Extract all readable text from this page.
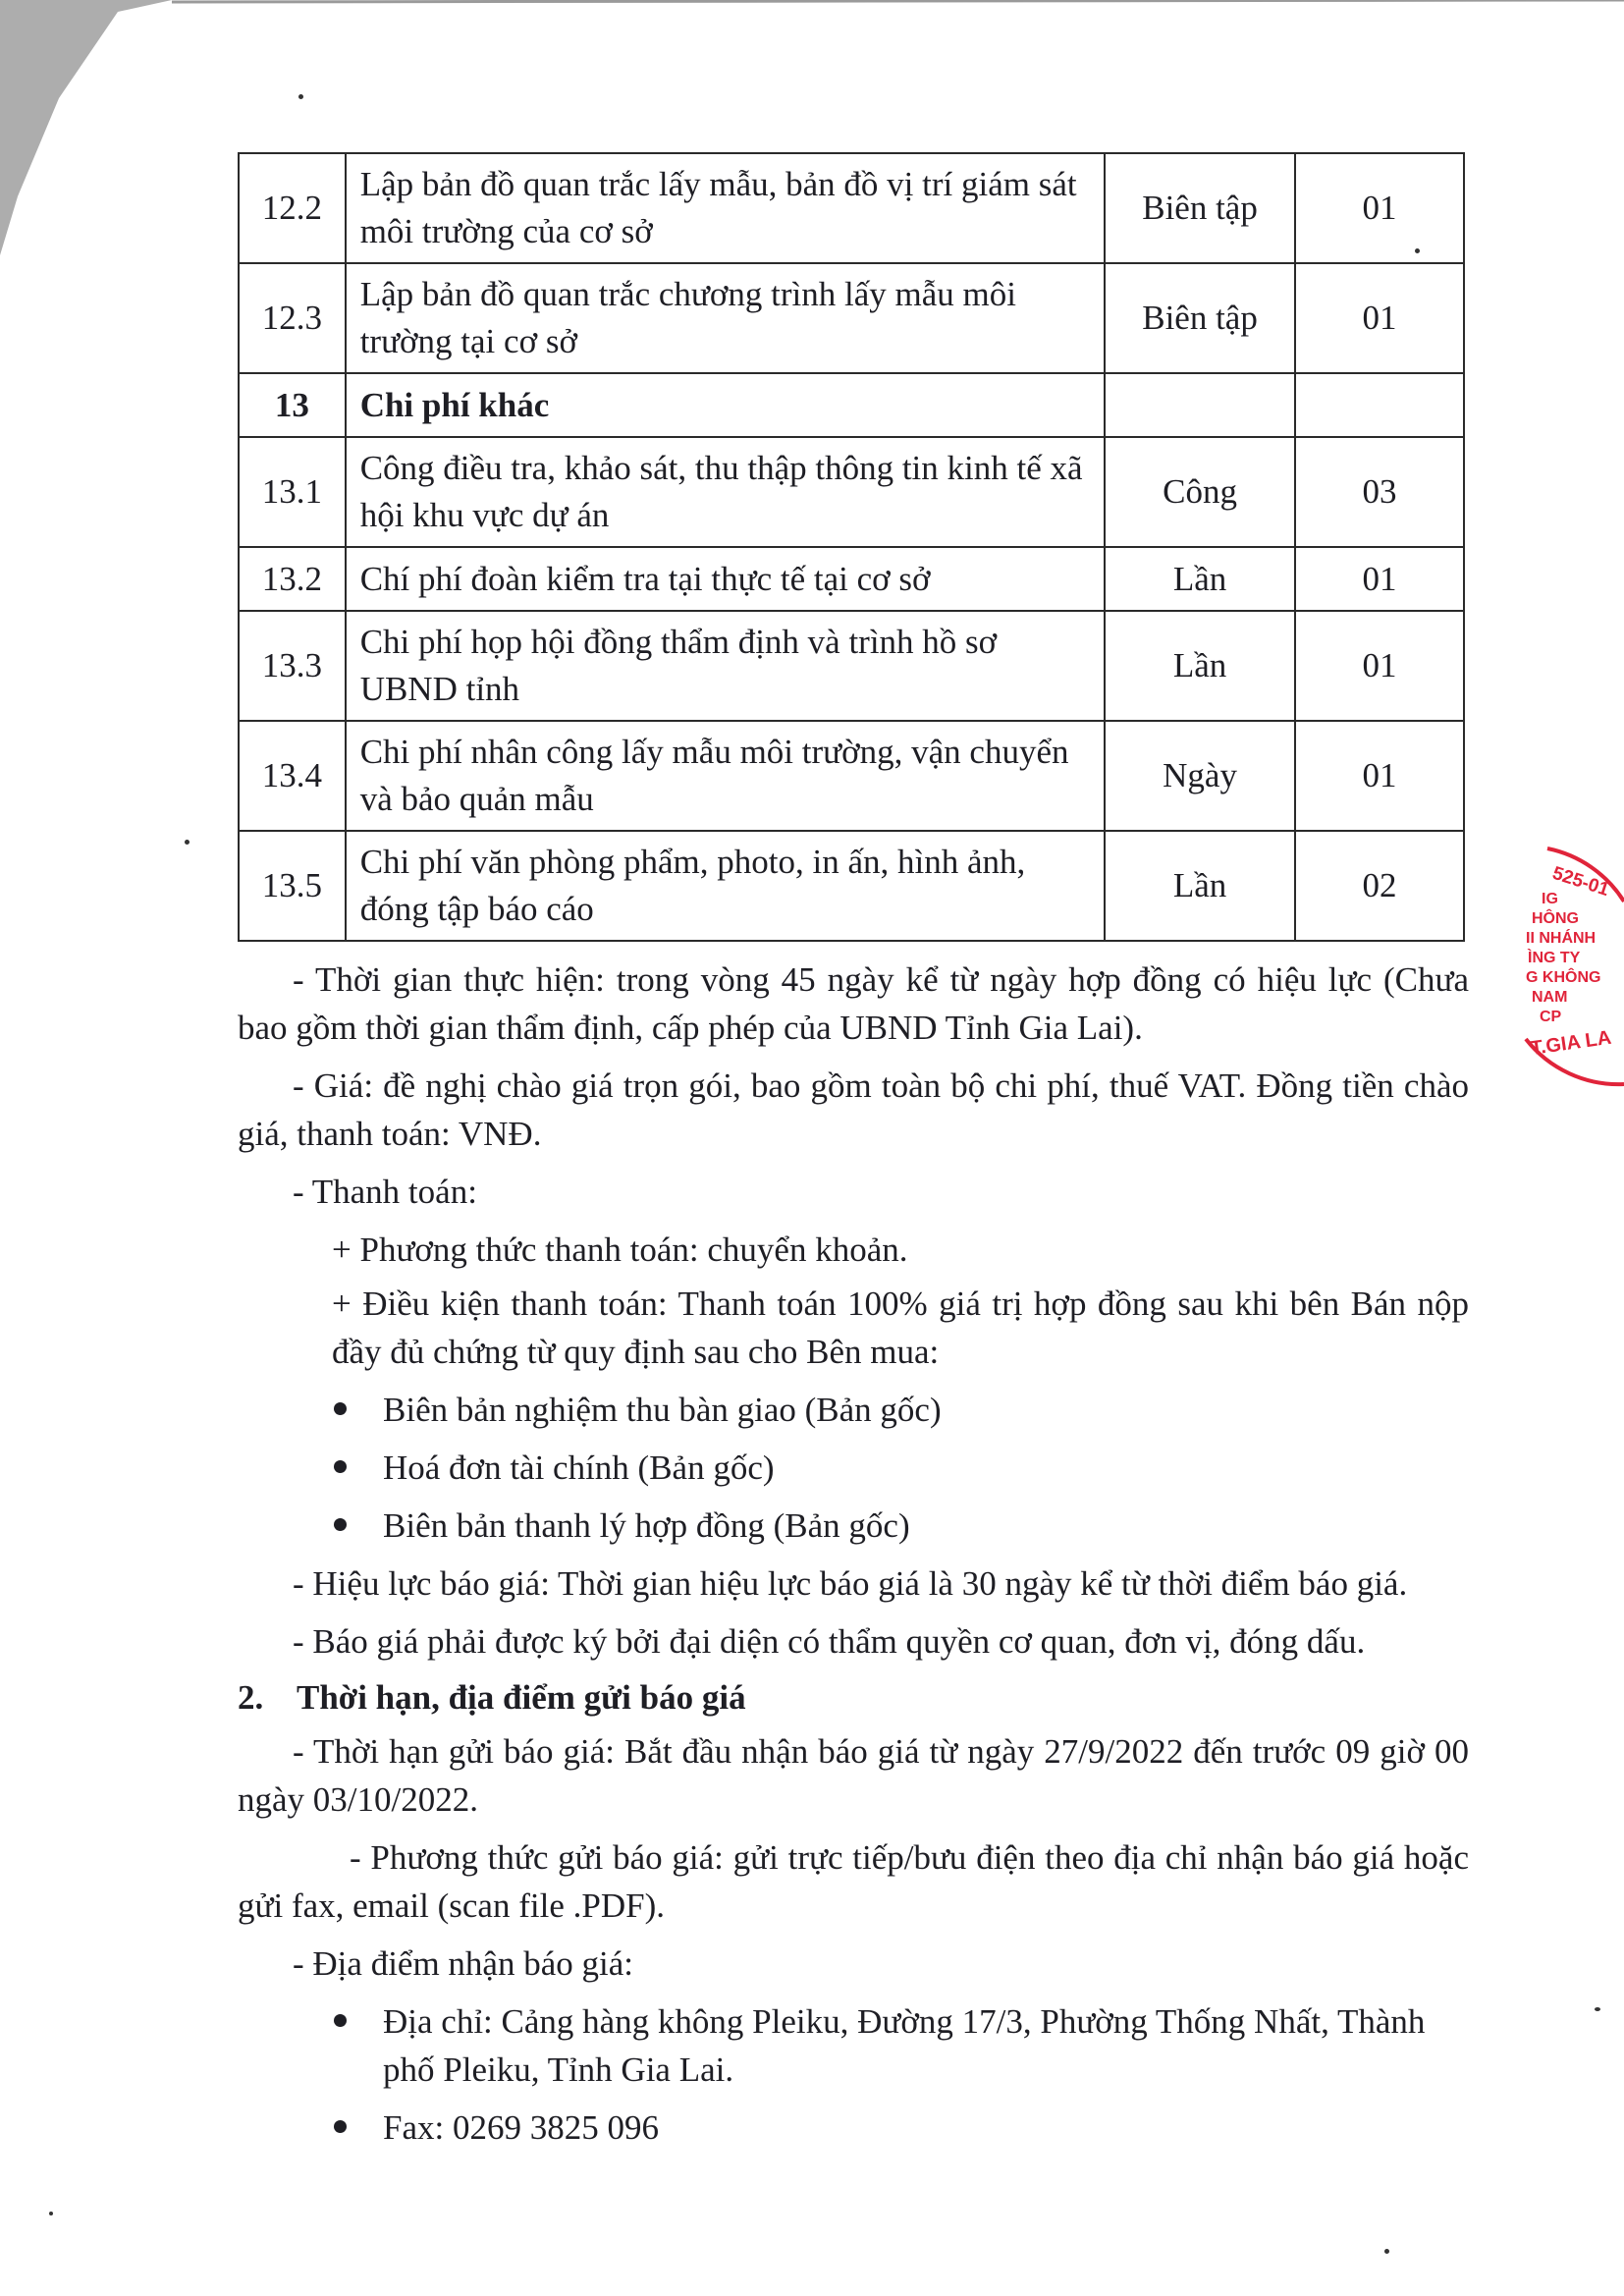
12.2	Lập bản đồ quan trắc lấy mẫu, bản đồ vị trí giám sát môi trường của cơ sở	Biên tập	01
12.3	Lập bản đồ quan trắc chương trình lấy mẫu môi trường tại cơ sở	Biên tập	01
13	Chi phí khác		
13.1	Công điều tra, khảo sát, thu thập thông tin kinh tế xã hội khu vực dự án	Công	03
13.2	Chí phí đoàn kiểm tra tại thực tế tại cơ sở	Lần	01
13.3	Chi phí họp hội đồng thẩm định và trình hồ sơ UBND tỉnh	Lần	01
13.4	Chi phí nhân công lấy mẫu môi trường, vận chuyển và bảo quản mẫu	Ngày	01
13.5	Chi phí văn phòng phẩm, photo, in ấn, hình ảnh, đóng tập báo cáo	Lần	02

- Thời gian thực hiện: trong vòng 45 ngày kể từ ngày hợp đồng có hiệu lực (Chưa bao gồm thời gian thẩm định, cấp phép của UBND Tỉnh Gia Lai).

- Giá: đề nghị chào giá trọn gói, bao gồm toàn bộ chi phí, thuế VAT. Đồng tiền chào giá, thanh toán: VNĐ.

- Thanh toán:

+ Phương thức thanh toán: chuyển khoản.

+ Điều kiện thanh toán: Thanh toán 100% giá trị hợp đồng sau khi bên Bán nộp đầy đủ chứng từ quy định sau cho Bên mua:

Biên bản nghiệm thu bàn giao (Bản gốc)
Hoá đơn tài chính (Bản gốc)
Biên bản thanh lý hợp đồng (Bản gốc)

- Hiệu lực báo giá: Thời gian hiệu lực báo giá là 30 ngày kể từ thời điểm báo giá.

- Báo giá phải được ký bởi đại diện có thẩm quyền cơ quan, đơn vị, đóng dấu.

2. Thời hạn, địa điểm gửi báo giá

- Thời hạn gửi báo giá: Bắt đầu nhận báo giá từ ngày 27/9/2022 đến trước 09 giờ 00 ngày 03/10/2022.

- Phương thức gửi báo giá: gửi trực tiếp/bưu điện theo địa chỉ nhận báo giá hoặc gửi fax, email (scan file .PDF).

- Địa điểm nhận báo giá:

Địa chỉ: Cảng hàng không Pleiku, Đường 17/3, Phường Thống Nhất, Thành phố Pleiku, Tỉnh Gia Lai.
Fax: 0269 3825 096
525-01
IG
HÔNG
II NHÁNH
ÌNG TY
G KHÔNG
NAM
CP
T.GIA LA
